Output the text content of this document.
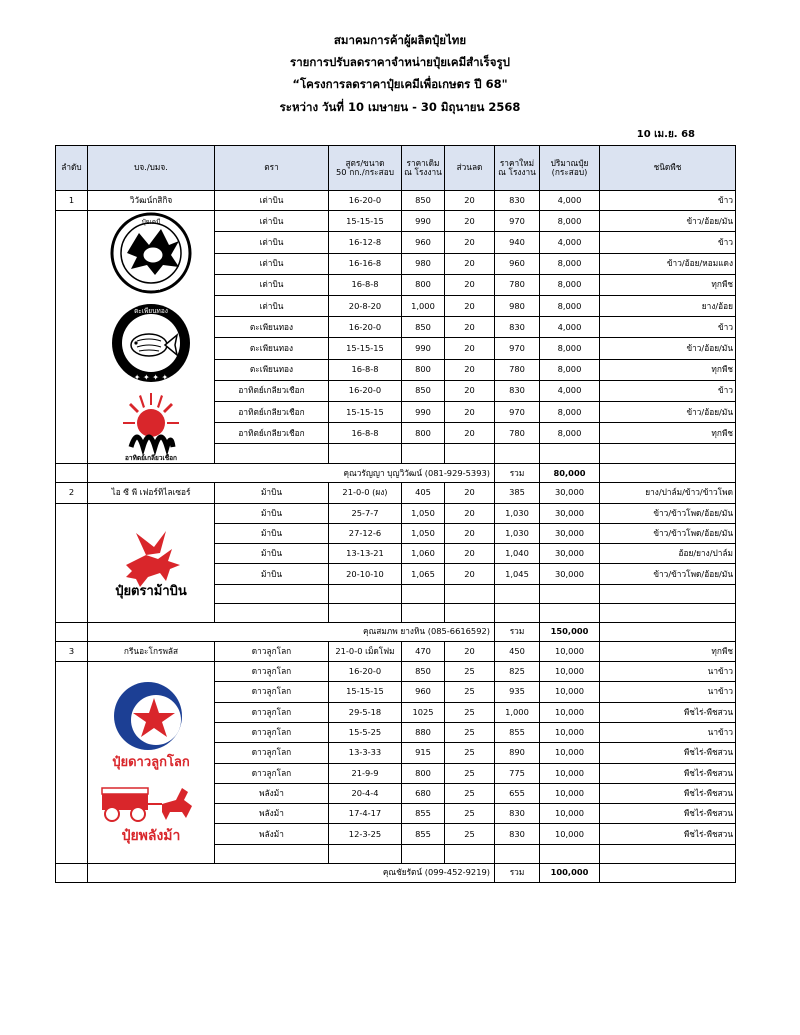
สมาคมการค้าผู้ผลิตปุ๋ยไทย
รายการปรับลดราคาจำหน่ายปุ๋ยเคมีสำเร็จรูป
“โครงการลดราคาปุ๋ยเคมีเพื่อเกษตร ปี 68"
ระหว่าง วันที่ 10 เมษายน - 30 มิถุนายน 2568
10 เม.ย. 68
ลำดับ	บจ./บมจ.	ตรา	สูตร/ขนาด
50 กก./กระสอบ	ราคาเดิม
ณ โรงงาน	ส่วนลด	ราคาใหม่
ณ โรงงาน	ปริมาณปุ๋ย
(กระสอบ)	ชนิดพืช
1	วิวัฒน์กสิกิจ	เต่าบิน	16-20-0	850	20	830	4,000	ข้าว

ปุ๋ยเคมี
เต่าบิน
ตะเพียนทอง
✦ ✦ ✦ ✦
อาทิตย์เกลียวเชือก	เต่าบิน	15-15-15	990	20	970	8,000	ข้าว/อ้อย/มัน
		เต่าบิน	16-12-8	960	20	940	4,000	ข้าว
		เต่าบิน	16-16-8	980	20	960	8,000	ข้าว/อ้อย/หอมแดง
		เต่าบิน	16-8-8	800	20	780	8,000	ทุกพืช
		เต่าบิน	20-8-20	1,000	20	980	8,000	ยาง/อ้อย
		ตะเพียนทอง	16-20-0	850	20	830	4,000	ข้าว
		ตะเพียนทอง	15-15-15	990	20	970	8,000	ข้าว/อ้อย/มัน
		ตะเพียนทอง	16-8-8	800	20	780	8,000	ทุกพืช
		อาทิตย์เกลียวเชือก	16-20-0	850	20	830	4,000	ข้าว
		อาทิตย์เกลียวเชือก	15-15-15	990	20	970	8,000	ข้าว/อ้อย/มัน
		อาทิตย์เกลียวเชือก	16-8-8	800	20	780	8,000	ทุกพืช

	คุณวรัญญา บุญวิวัฒน์ (081-929-5393)					รวม	80,000	
2	ไอ ซี พี เฟอร์ทิไลเซอร์	ม้าบิน	21-0-0 (ผง)	405	20	385	30,000	ยาง/ปาล์ม/ข้าว/ข้าวโพด

ปุ๋ยตราม้าบิน	ม้าบิน	25-7-7	1,050	20	1,030	30,000	ข้าว/ข้าวโพด/อ้อย/มัน
		ม้าบิน	27-12-6	1,050	20	1,030	30,000	ข้าว/ข้าวโพด/อ้อย/มัน
		ม้าบิน	13-13-21	1,060	20	1,040	30,000	อ้อย/ยาง/ปาล์ม
		ม้าบิน	20-10-10	1,065	20	1,045	30,000	ข้าว/ข้าวโพด/อ้อย/มัน

	คุณสมภพ ยางหิน (085-6616592)					รวม	150,000	
3	กรีนอะโกรพลัส	ดาวลูกโลก	21-0-0 เม็ดโฟม	470	20	450	10,000	ทุกพืช

ปุ๋ยดาวลูกโลก
ปุ๋ยพลังม้า	ดาวลูกโลก	16-20-0	850	25	825	10,000	นาข้าว
		ดาวลูกโลก	15-15-15	960	25	935	10,000	นาข้าว
		ดาวลูกโลก	29-5-18	1025	25	1,000	10,000	พืชไร่-พืชสวน
		ดาวลูกโลก	15-5-25	880	25	855	10,000	นาข้าว
		ดาวลูกโลก	13-3-33	915	25	890	10,000	พืชไร่-พืชสวน
		ดาวลูกโลก	21-9-9	800	25	775	10,000	พืชไร่-พืชสวน
		พลังม้า	20-4-4	680	25	655	10,000	พืชไร่-พืชสวน
		พลังม้า	17-4-17	855	25	830	10,000	พืชไร่-พืชสวน
		พลังม้า	12-3-25	855	25	830	10,000	พืชไร่-พืชสวน

	คุณชัยรัตน์ (099-452-9219)					รวม	100,000	
